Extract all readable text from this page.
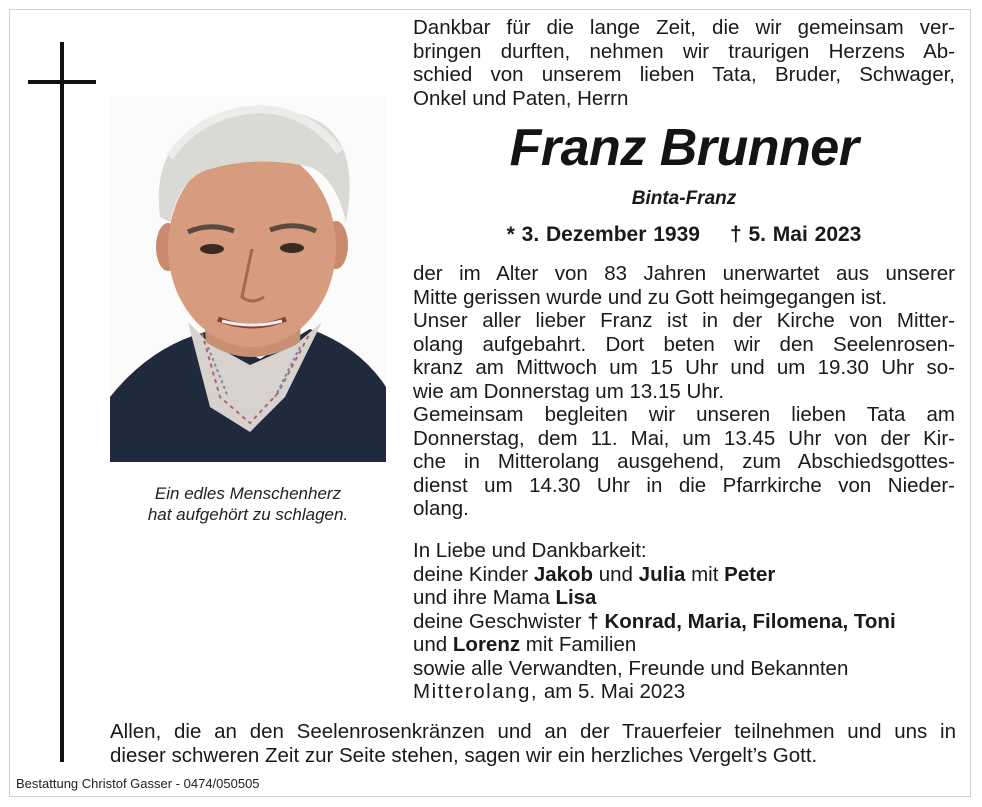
Ein edles Menschenherz
hat aufgehört zu schlagen.
Dankbar für die lange Zeit, die wir gemeinsam ver-
bringen durften, nehmen wir traurigen Herzens Ab-
schied von unserem lieben Tata, Bruder, Schwager,
Onkel und Paten, Herrn
Franz Brunner
Binta-Franz
* 3. Dezember 1939 † 5. Mai 2023
der im Alter von 83 Jahren unerwartet aus unserer
Mitte gerissen wurde und zu Gott heimgegangen ist.
Unser aller lieber Franz ist in der Kirche von Mitter-
olang aufgebahrt. Dort beten wir den Seelenrosen-
kranz am Mittwoch um 15 Uhr und um 19.30 Uhr so-
wie am Donnerstag um 13.15 Uhr.
Gemeinsam begleiten wir unseren lieben Tata am
Donnerstag, dem 11. Mai, um 13.45 Uhr von der Kir-
che in Mitterolang ausgehend, zum Abschiedsgottes-
dienst um 14.30 Uhr in die Pfarrkirche von Nieder-
olang.
In Liebe und Dankbarkeit:
deine Kinder Jakob und Julia mit Peter
und ihre Mama Lisa
deine Geschwister † Konrad, Maria, Filomena, Toni
und Lorenz mit Familien
sowie alle Verwandten, Freunde und Bekannten
Mitterolang, am 5. Mai 2023
Allen, die an den Seelenrosenkränzen und an der Trauerfeier teilnehmen und uns in
dieser schweren Zeit zur Seite stehen, sagen wir ein herzliches Vergelt’s Gott.
Bestattung Christof Gasser - 0474/050505
